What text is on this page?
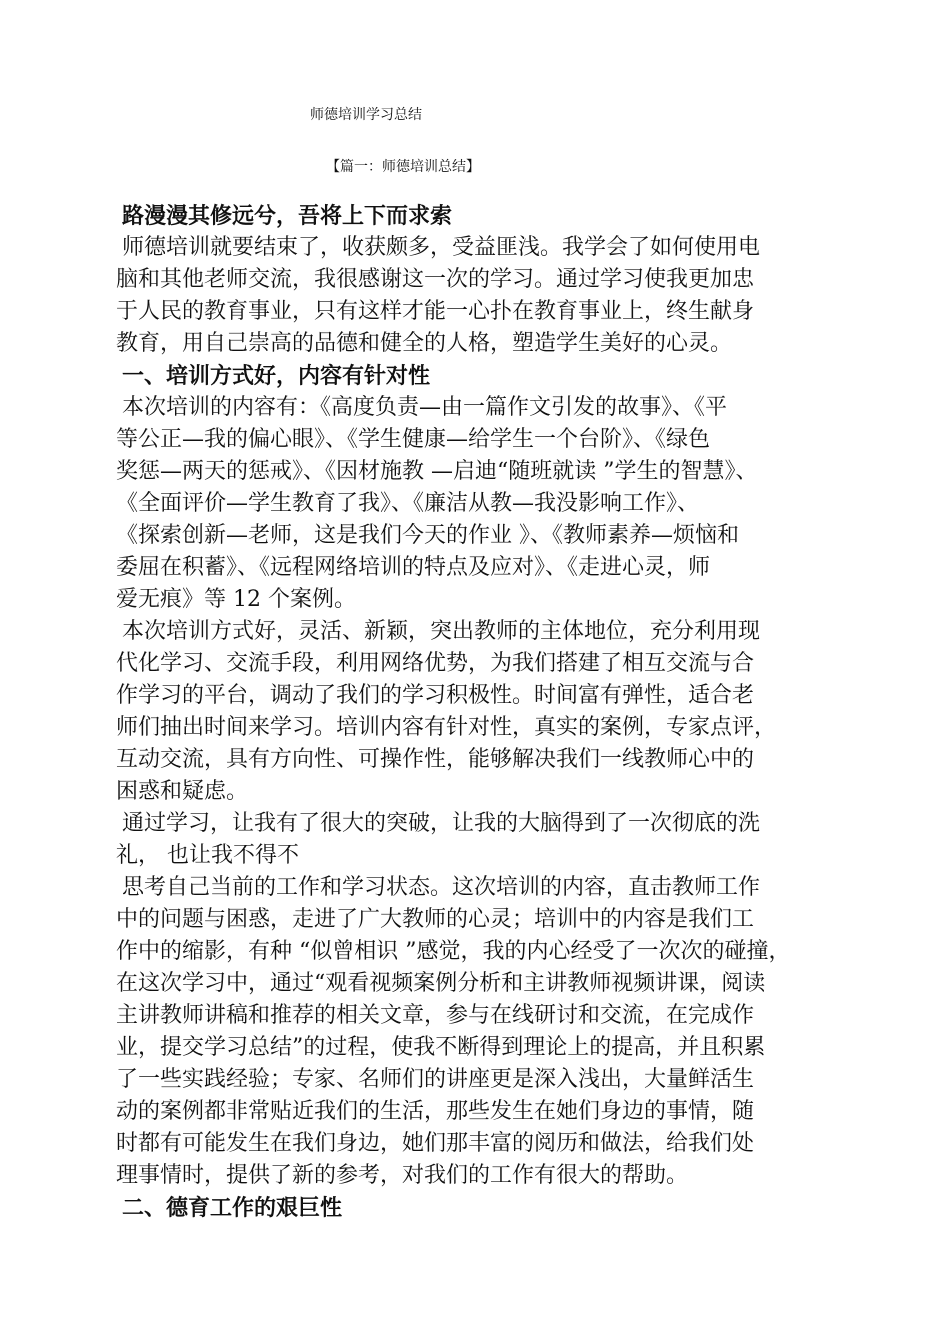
师德培训学习总结
【篇一：师德培训总结】
路漫漫其修远兮，吾将上下而求索
师德培训就要结束了，收获颇多，受益匪浅。我学会了如何使用电
脑和其他老师交流，我很感谢这一次的学习。通过学习使我更加忠
于人民的教育事业，只有这样才能一心扑在教育事业上，终生献身
教育，用自己崇高的品德和健全的人格，塑造学生美好的心灵。
一、培训方式好，内容有针对性
本次培训的内容有：《高度负责—由一篇作文引发的故事》、《平
等公正—我的偏心眼》、《学生健康—给学生一个台阶》、《绿色
奖惩—两天的惩戒》、《因材施教 —启迪“随班就读 ”学生的智慧》、
《全面评价—学生教育了我》、《廉洁从教—我没影响工作》、
《探索创新—老师，这是我们今天的作业 》、《教师素养—烦恼和
委屈在积蓄》、《远程网络培训的特点及应对》、《走进心灵，师
爱无痕》等 12 个案例。
本次培训方式好，灵活、新颖，突出教师的主体地位，充分利用现
代化学习、交流手段，利用网络优势，为我们搭建了相互交流与合
作学习的平台，调动了我们的学习积极性。时间富有弹性，适合老
师们抽出时间来学习。培训内容有针对性，真实的案例，专家点评，
互动交流，具有方向性、可操作性，能够解决我们一线教师心中的
困惑和疑虑。
通过学习，让我有了很大的突破，让我的大脑得到了一次彻底的洗
礼， 也让我不得不
思考自己当前的工作和学习状态。这次培训的内容，直击教师工作
中的问题与困惑，走进了广大教师的心灵；培训中的内容是我们工
作中的缩影，有种 “似曾相识 ”感觉，我的内心经受了一次次的碰撞，
在这次学习中，通过“观看视频案例分析和主讲教师视频讲课，阅读
主讲教师讲稿和推荐的相关文章，参与在线研讨和交流，在完成作
业，提交学习总结”的过程，使我不断得到理论上的提高，并且积累
了一些实践经验；专家、名师们的讲座更是深入浅出，大量鲜活生
动的案例都非常贴近我们的生活，那些发生在她们身边的事情，随
时都有可能发生在我们身边，她们那丰富的阅历和做法，给我们处
理事情时，提供了新的参考，对我们的工作有很大的帮助。
二、德育工作的艰巨性
